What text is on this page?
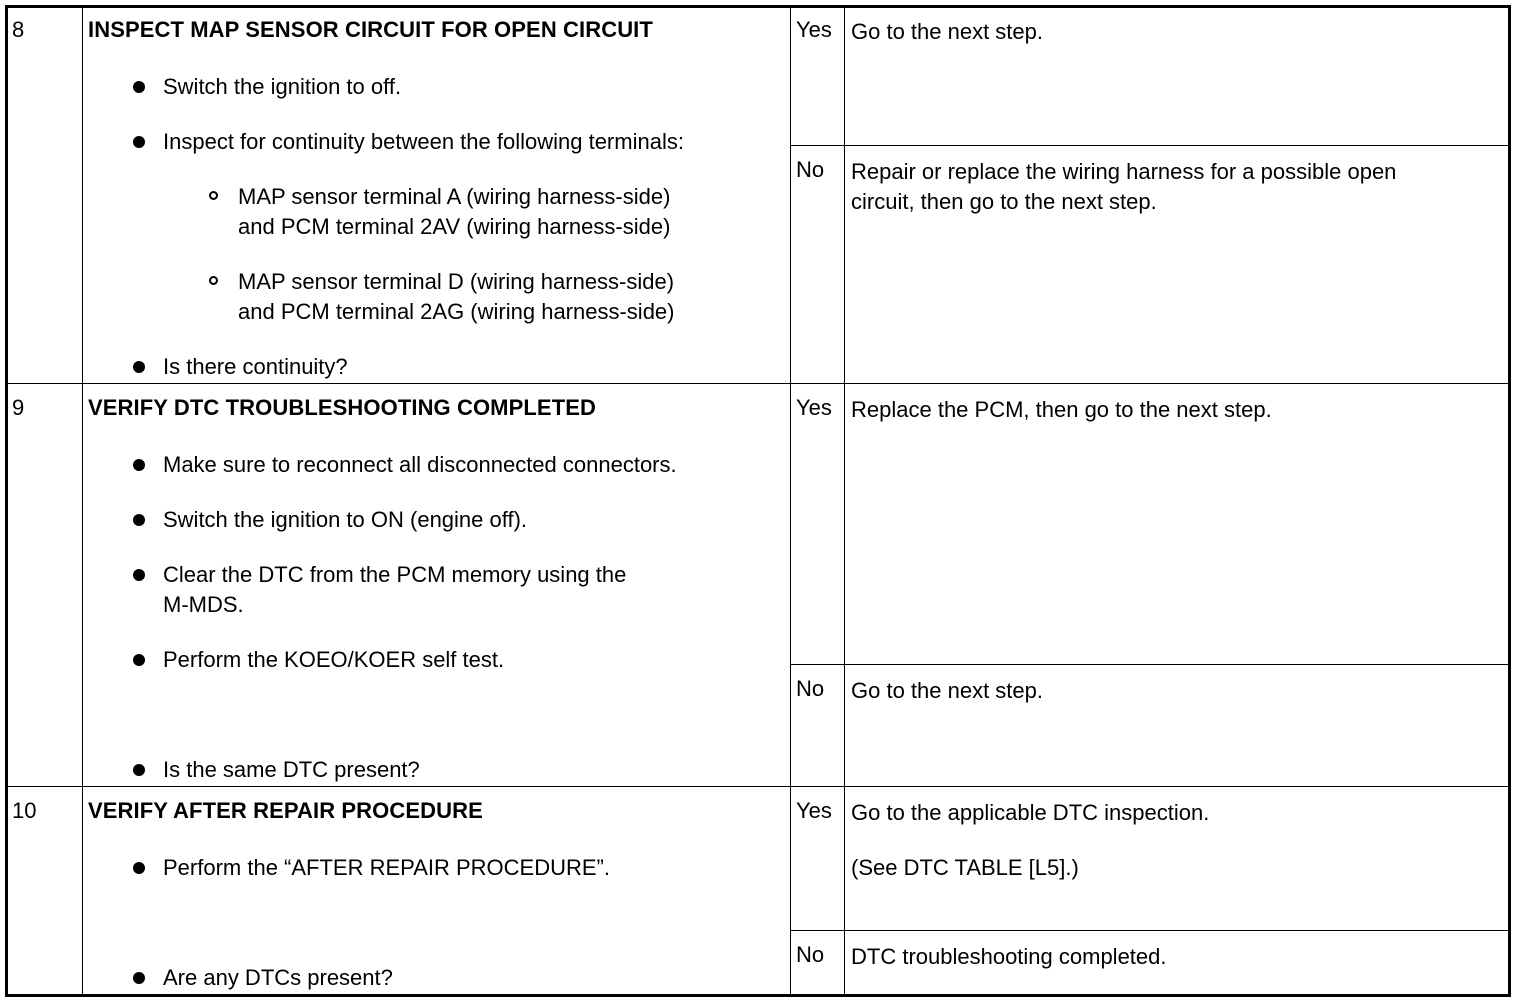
8	INSPECT MAP SENSOR CIRCUIT FOR OPEN CIRCUIT
Switch the ignition to off.
Inspect for continuity between the following terminals:
MAP sensor terminal A (wiring harness-side)
and PCM terminal 2AV (wiring harness-side)
MAP sensor terminal D (wiring harness-side)
and PCM terminal 2AG (wiring harness-side)
Is there continuity?
Yes Go to the next step.
No Repair or replace the wiring harness for a possible open
circuit, then go to the next step.
9	VERIFY DTC TROUBLESHOOTING COMPLETED
Make sure to reconnect all disconnected connectors.
Switch the ignition to ON (engine off).
Clear the DTC from the PCM memory using the
M-MDS.
Perform the KOEO/KOER self test.
Is the same DTC present?
Yes Replace the PCM, then go to the next step.
No Go to the next step.
10 VERIFY AFTER REPAIR PROCEDURE
Perform the “AFTER REPAIR PROCEDURE”.
Are any DTCs present?
Yes Go to the applicable DTC inspection.
(See DTC TABLE [L5].)
No DTC troubleshooting completed.
